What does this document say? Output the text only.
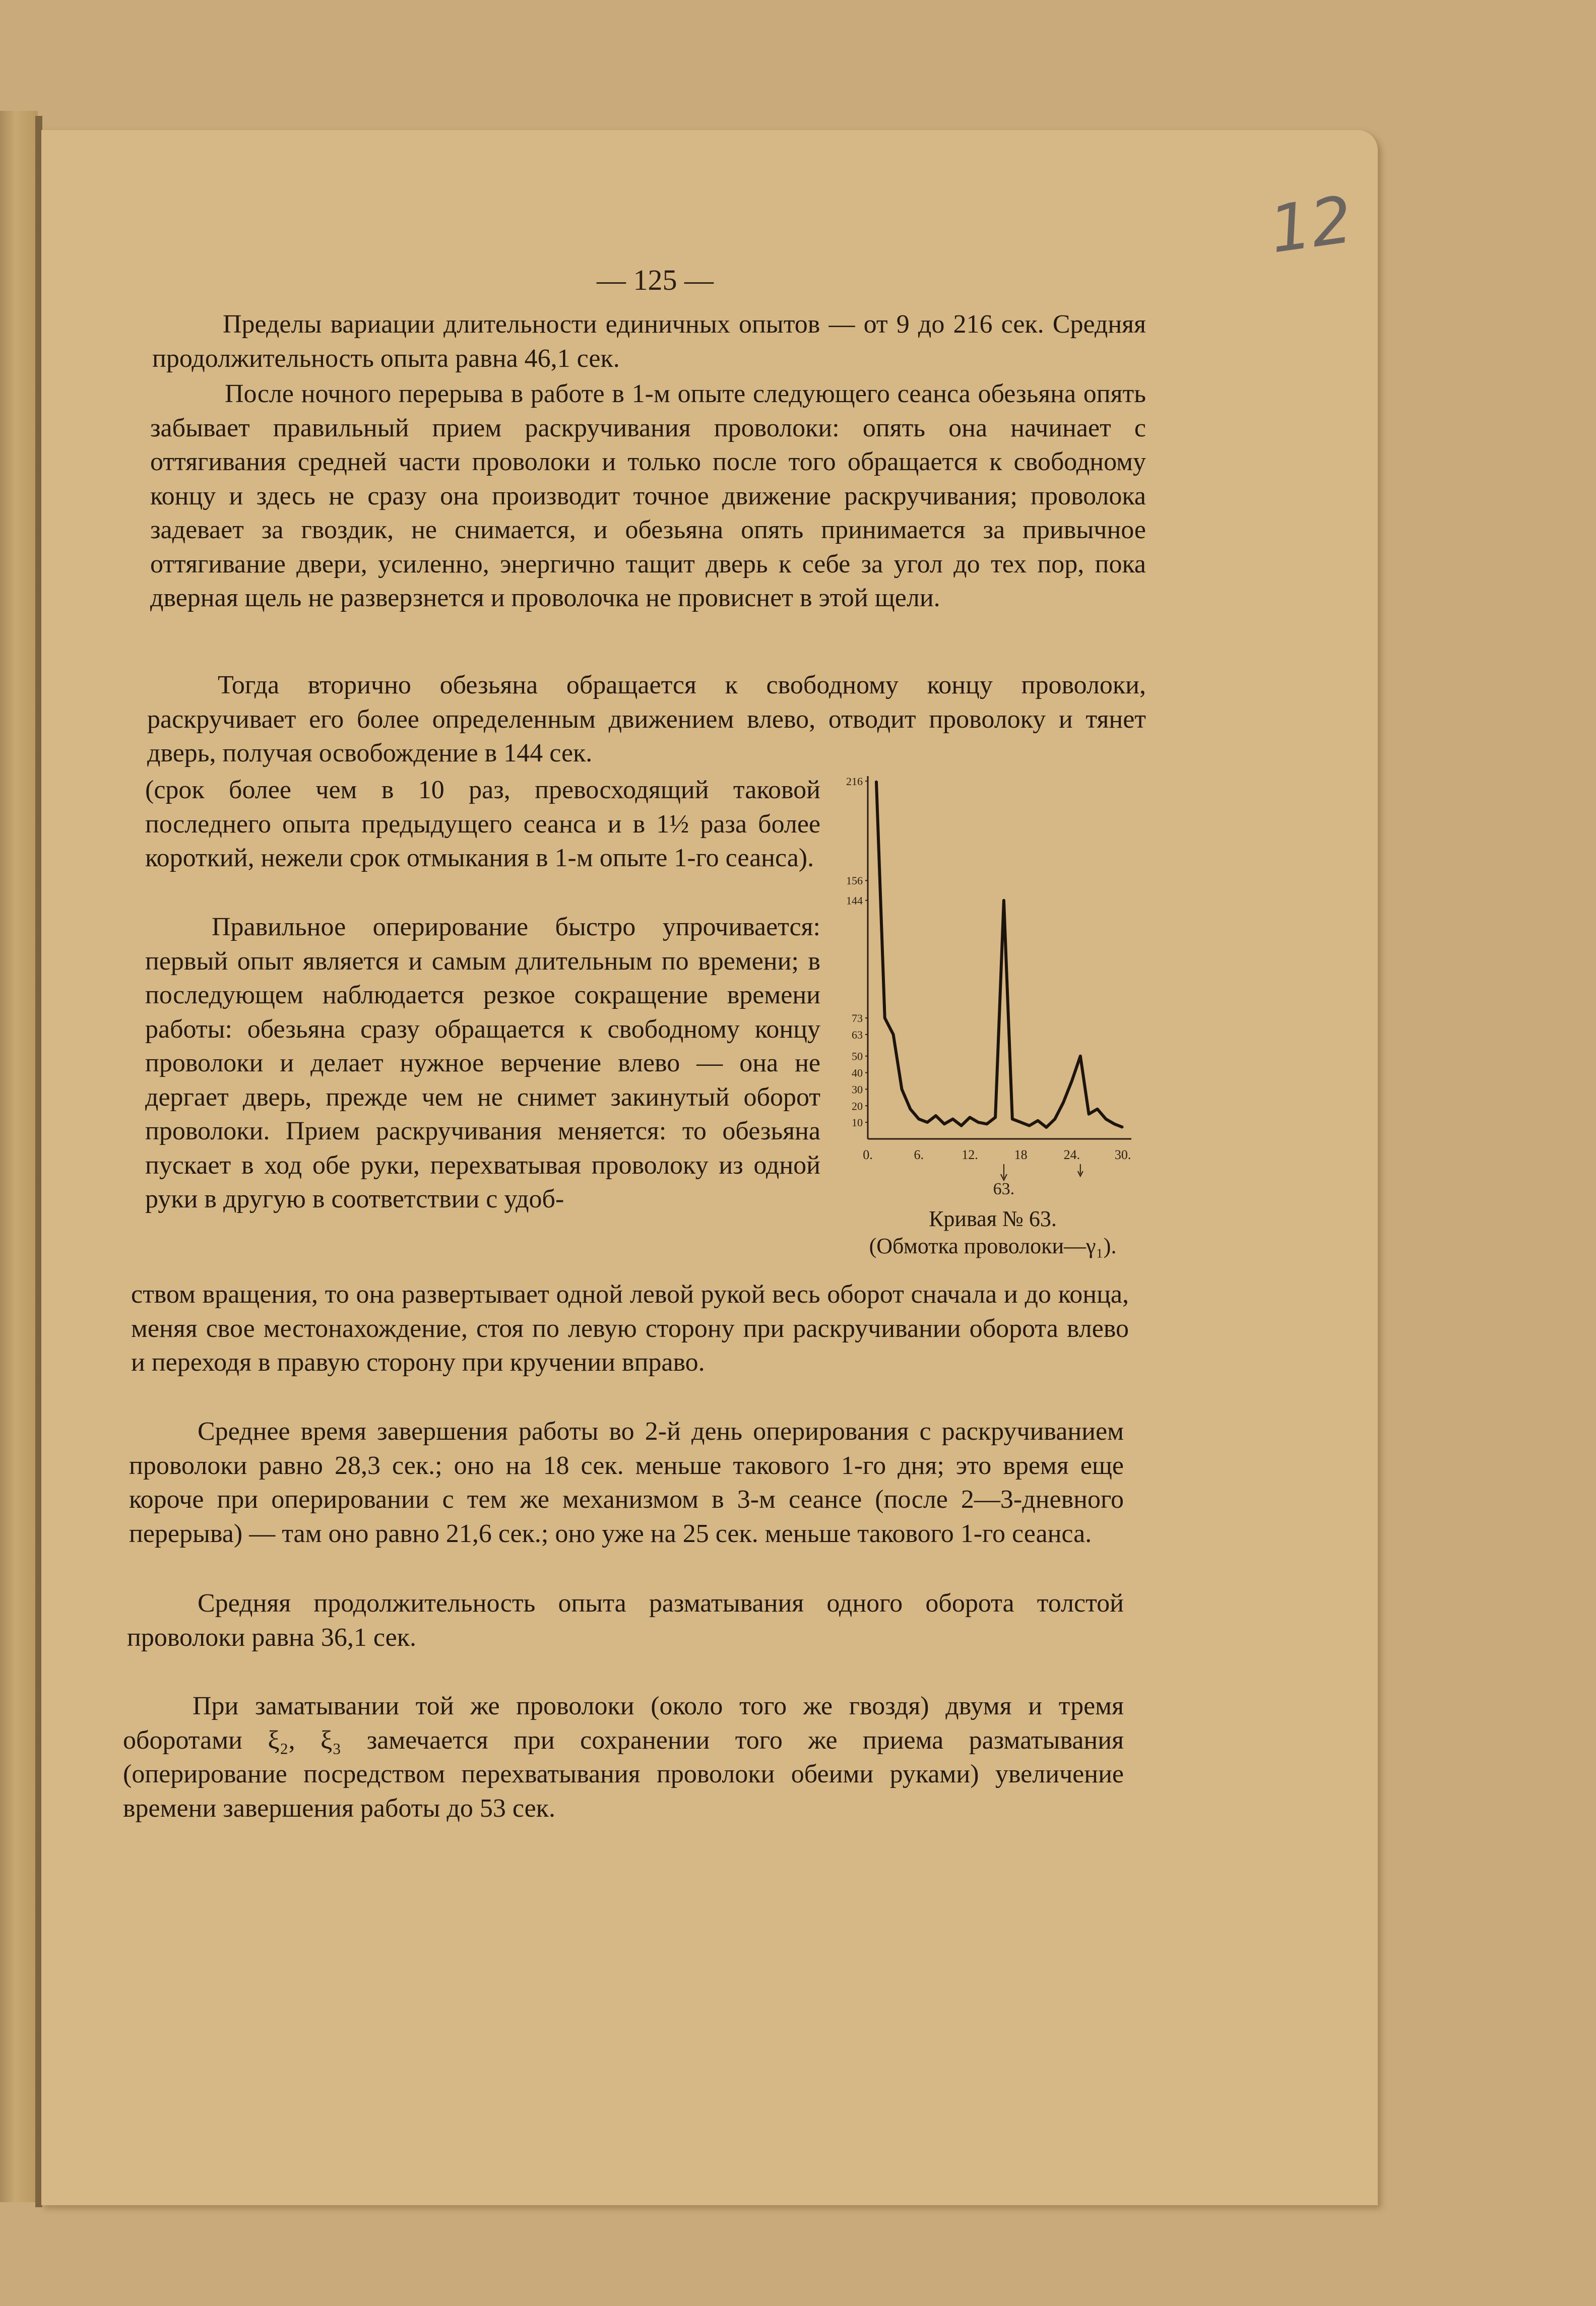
12
— 125 —

Пределы вариации длительности единичных опытов — от 9 до 216 сек. Средняя продолжительность опыта равна 46,1 сек.

После ночного перерыва в работе в 1-м опыте следующего сеанса обезьяна опять забывает правильный прием раскручивания проволоки: опять она начинает с оттягивания средней части проволоки и только после того обращается к свободному концу и здесь не сразу она производит точное движение раскручивания; проволока задевает за гвоздик, не снимается, и обезьяна опять принимается за привычное оттягивание двери, усиленно, энергично тащит дверь к себе за угол до тех пор, пока дверная щель не разверзнется и проволочка не провиснет в этой щели.

Тогда вторично обезьяна обращается к свободному концу проволоки, раскручивает его более определенным движением влево, отводит проволоку и тянет дверь, получая освобождение в 144 сек.

(срок более чем в 10 раз, превосходящий таковой последнего опыта предыдущего сеанса и в 1½ раза более короткий, нежели срок отмыкания в 1-м опыте 1-го сеанса).

Правильное оперирование быстро упрочивается: первый опыт является и самым длительным по времени; в последующем наблюдается резкое сокращение времени работы: обезьяна сразу обращается к свободному концу проволоки и делает нужное верчение влево — она не дергает дверь, прежде чем не снимет закинутый оборот проволоки. Прием раскручивания меняется: то обезьяна пускает в ход обе руки, перехватывая проволоку из одной руки в другую в соответствии с удоб-

ством вращения, то она развертывает одной левой рукой весь оборот сначала и до конца, меняя свое местонахождение, стоя по левую сторону при раскручивании оборота влево и переходя в правую сторону при кручении вправо.

Среднее время завершения работы во 2-й день оперирования с раскручиванием проволоки равно 28,3 сек.; оно на 18 сек. меньше такового 1-го дня; это время еще короче при оперировании с тем же механизмом в 3-м сеансе (после 2—3-дневного перерыва) — там оно равно 21,6 сек.; оно уже на 25 сек. меньше такового 1-го сеанса.

Средняя продолжительность опыта разматывания одного оборота толстой проволоки равна 36,1 сек.

При заматывании той же проволоки (около того же гвоздя) двумя и тремя оборотами ξ₂, ξ₃ замечается при сохранении того же приема разматывания (оперирование посредством перехватывания проволоки обеими руками) увеличение времени завершения работы до 53 сек.

216
156
144
73
63
50
40
30
20
10
0.	6.	12.	18	24.	30.
63.
Кривая № 63.
(Обмотка проволоки—γ₁).
